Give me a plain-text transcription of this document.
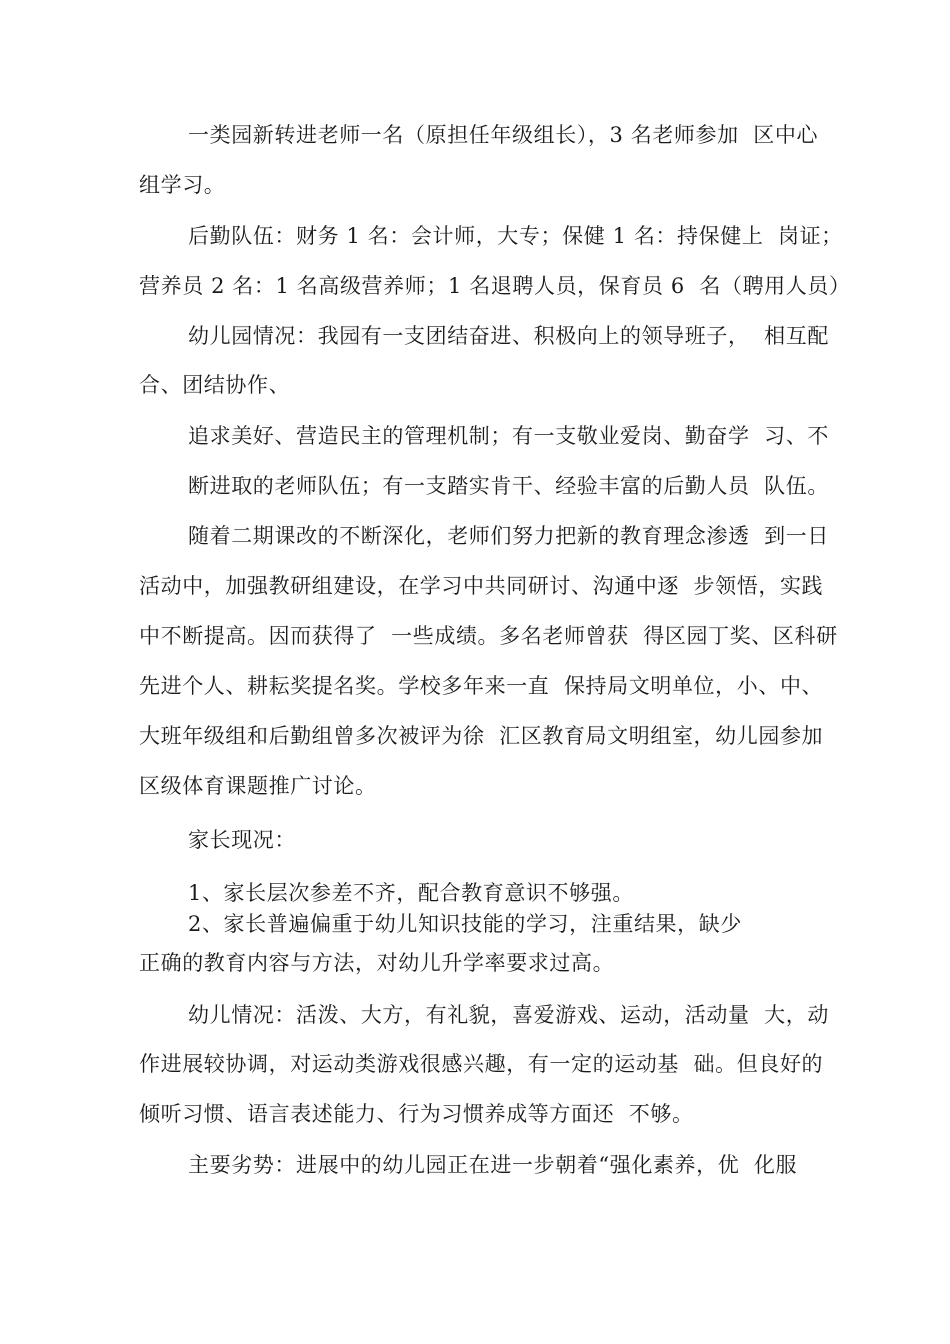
一类园新转进老师一名（原担任年级组长），3 名老师参加  区中心
组学习。
后勤队伍：财务 1 名：会计师，大专；保健 1 名：持保健上  岗证；
营养员 2 名：1 名高级营养师；1 名退聘人员，保育员 6  名（聘用人员）
幼儿园情况：我园有一支团结奋进、积极向上的领导班子，  相互配
合、团结协作、
追求美好、营造民主的管理机制；有一支敬业爱岗、勤奋学  习、不
断进取的老师队伍；有一支踏实肯干、经验丰富的后勤人员  队伍。
随着二期课改的不断深化，老师们努力把新的教育理念渗透  到一日
活动中，加强教研组建设，在学习中共同研讨、沟通中逐  步领悟，实践
中不断提高。因而获得了  一些成绩。多名老师曾获  得区园丁奖、区科研
先进个人、耕耘奖提名奖。学校多年来一直  保持局文明单位，小、中、
大班年级组和后勤组曾多次被评为徐  汇区教育局文明组室，幼儿园参加
区级体育课题推广讨论。
家长现况：
1、家长层次参差不齐，配合教育意识不够强。
2、家长普遍偏重于幼儿知识技能的学习，注重结果，缺少
正确的教育内容与方法，对幼儿升学率要求过高。
幼儿情况：活泼、大方，有礼貌，喜爱游戏、运动，活动量  大，动
作进展较协调，对运动类游戏很感兴趣，有一定的运动基  础。但良好的
倾听习惯、语言表述能力、行为习惯养成等方面还  不够。
主要劣势：进展中的幼儿园正在进一步朝着“强化素养，优  化服
